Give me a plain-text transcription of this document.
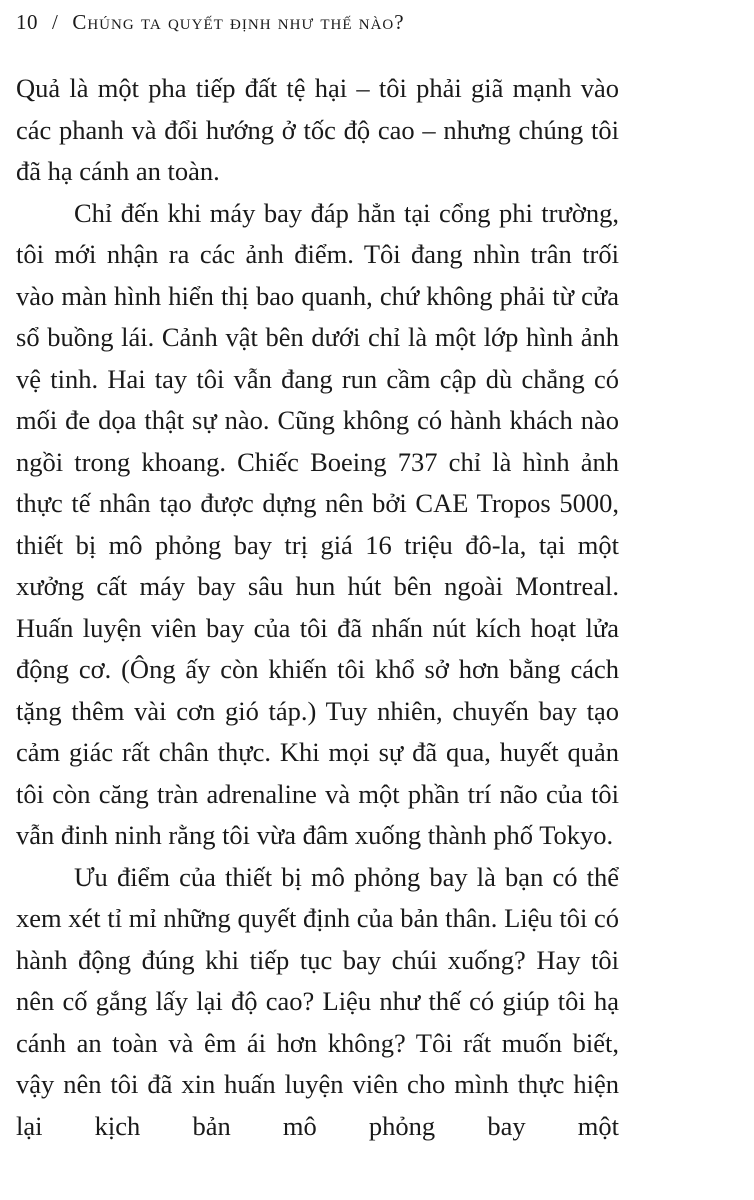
10 / Chúng ta quyết định như thế nào?

Quả là một pha tiếp đất tệ hại – tôi phải giã mạnh vào các phanh và đổi hướng ở tốc độ cao – nhưng chúng tôi đã hạ cánh an toàn.

Chỉ đến khi máy bay đáp hẳn tại cổng phi trường, tôi mới nhận ra các ảnh điểm. Tôi đang nhìn trân trối vào màn hình hiển thị bao quanh, chứ không phải từ cửa sổ buồng lái. Cảnh vật bên dưới chỉ là một lớp hình ảnh vệ tinh. Hai tay tôi vẫn đang run cầm cập dù chẳng có mối đe dọa thật sự nào. Cũng không có hành khách nào ngồi trong khoang. Chiếc Boeing 737 chỉ là hình ảnh thực tế nhân tạo được dựng nên bởi CAE Tropos 5000, thiết bị mô phỏng bay trị giá 16 triệu đô-la, tại một xưởng cất máy bay sâu hun hút bên ngoài Montreal. Huấn luyện viên bay của tôi đã nhấn nút kích hoạt lửa động cơ. (Ông ấy còn khiến tôi khổ sở hơn bằng cách tặng thêm vài cơn gió táp.) Tuy nhiên, chuyến bay tạo cảm giác rất chân thực. Khi mọi sự đã qua, huyết quản tôi còn căng tràn adrenaline và một phần trí não của tôi vẫn đinh ninh rằng tôi vừa đâm xuống thành phố Tokyo.

Ưu điểm của thiết bị mô phỏng bay là bạn có thể xem xét tỉ mỉ những quyết định của bản thân. Liệu tôi có hành động đúng khi tiếp tục bay chúi xuống? Hay tôi nên cố gắng lấy lại độ cao? Liệu như thế có giúp tôi hạ cánh an toàn và êm ái hơn không? Tôi rất muốn biết, vậy nên tôi đã xin huấn luyện viên cho mình thực hiện lại kịch bản mô phỏng bay một
